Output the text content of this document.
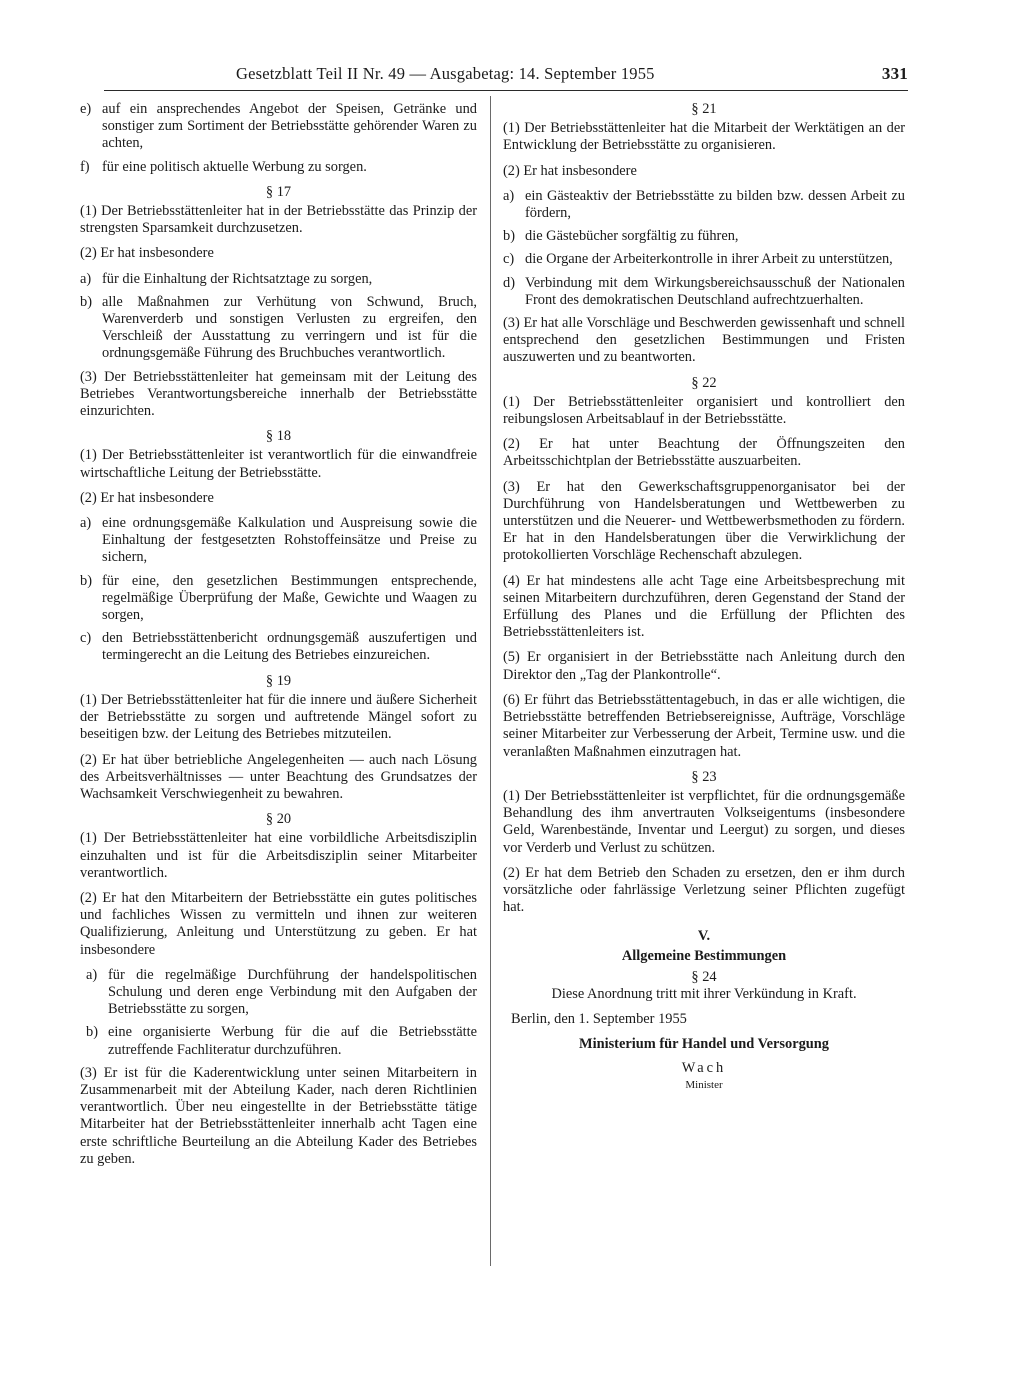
Gesetzblatt Teil II Nr. 49 — Ausgabetag: 14. September 1955	331
e) auf ein ansprechendes Angebot der Speisen, Getränke und sonstiger zum Sortiment der Betriebsstätte gehörender Waren zu achten,
f) für eine politisch aktuelle Werbung zu sorgen.
§ 17

(1) Der Betriebsstättenleiter hat in der Betriebsstätte das Prinzip der strengsten Sparsamkeit durchzusetzen.

(2) Er hat insbesondere

a) für die Einhaltung der Richtsatztage zu sorgen,
b) alle Maßnahmen zur Verhütung von Schwund, Bruch, Warenverderb und sonstigen Verlusten zu ergreifen, den Verschleiß der Ausstattung zu verringern und ist für die ordnungsgemäße Führung des Bruchbuches verantwortlich.

(3) Der Betriebsstättenleiter hat gemeinsam mit der Leitung des Betriebes Verantwortungsbereiche innerhalb der Betriebsstätte einzurichten.

§ 18

(1) Der Betriebsstättenleiter ist verantwortlich für die einwandfreie wirtschaftliche Leitung der Betriebsstätte.

(2) Er hat insbesondere

a) eine ordnungsgemäße Kalkulation und Auspreisung sowie die Einhaltung der festgesetzten Rohstoffeinsätze und Preise zu sichern,
b) für eine, den gesetzlichen Bestimmungen entsprechende, regelmäßige Überprüfung der Maße, Gewichte und Waagen zu sorgen,
c) den Betriebsstättenbericht ordnungsgemäß auszufertigen und termingerecht an die Leitung des Betriebes einzureichen.
§ 19

(1) Der Betriebsstättenleiter hat für die innere und äußere Sicherheit der Betriebsstätte zu sorgen und auftretende Mängel sofort zu beseitigen bzw. der Leitung des Betriebes mitzuteilen.

(2) Er hat über betriebliche Angelegenheiten — auch nach Lösung des Arbeitsverhältnisses — unter Beachtung des Grundsatzes der Wachsamkeit Verschwiegenheit zu bewahren.

§ 20

(1) Der Betriebsstättenleiter hat eine vorbildliche Arbeitsdisziplin einzuhalten und ist für die Arbeitsdisziplin seiner Mitarbeiter verantwortlich.

(2) Er hat den Mitarbeitern der Betriebsstätte ein gutes politisches und fachliches Wissen zu vermitteln und ihnen zur weiteren Qualifizierung, Anleitung und Unterstützung zu geben. Er hat insbesondere

a) für die regelmäßige Durchführung der handelspolitischen Schulung und deren enge Verbindung mit den Aufgaben der Betriebsstätte zu sorgen,
b) eine organisierte Werbung für die auf die Betriebsstätte zutreffende Fachliteratur durchzuführen.

(3) Er ist für die Kaderentwicklung unter seinen Mitarbeitern in Zusammenarbeit mit der Abteilung Kader, nach deren Richtlinien verantwortlich. Über neu eingestellte in der Betriebsstätte tätige Mitarbeiter hat der Betriebsstättenleiter innerhalb acht Tagen eine erste schriftliche Beurteilung an die Abteilung Kader des Betriebes zu geben.

§ 21

(1) Der Betriebsstättenleiter hat die Mitarbeit der Werktätigen an der Entwicklung der Betriebsstätte zu organisieren.

(2) Er hat insbesondere

a) ein Gästeaktiv der Betriebsstätte zu bilden bzw. dessen Arbeit zu fördern,
b) die Gästebücher sorgfältig zu führen,
c) die Organe der Arbeiterkontrolle in ihrer Arbeit zu unterstützen,
d) Verbindung mit dem Wirkungsbereichsausschuß der Nationalen Front des demokratischen Deutschland aufrechtzuerhalten.

(3) Er hat alle Vorschläge und Beschwerden gewissenhaft und schnell entsprechend den gesetzlichen Bestimmungen und Fristen auszuwerten und zu beantworten.

§ 22

(1) Der Betriebsstättenleiter organisiert und kontrolliert den reibungslosen Arbeitsablauf in der Betriebsstätte.

(2) Er hat unter Beachtung der Öffnungszeiten den Arbeitsschichtplan der Betriebsstätte auszuarbeiten.

(3) Er hat den Gewerkschaftsgruppenorganisator bei der Durchführung von Handelsberatungen und Wettbewerben zu unterstützen und die Neuerer- und Wettbewerbsmethoden zu fördern. Er hat in den Handelsberatungen über die Verwirklichung der protokollierten Vorschläge Rechenschaft abzulegen.

(4) Er hat mindestens alle acht Tage eine Arbeitsbesprechung mit seinen Mitarbeitern durchzuführen, deren Gegenstand der Stand der Erfüllung des Planes und die Erfüllung der Pflichten des Betriebsstättenleiters ist.

(5) Er organisiert in der Betriebsstätte nach Anleitung durch den Direktor den „Tag der Plankontrolle“.

(6) Er führt das Betriebsstättentagebuch, in das er alle wichtigen, die Betriebsstätte betreffenden Betriebsereignisse, Aufträge, Vorschläge seiner Mitarbeiter zur Verbesserung der Arbeit, Termine usw. und die veranlaßten Maßnahmen einzutragen hat.

§ 23

(1) Der Betriebsstättenleiter ist verpflichtet, für die ordnungsgemäße Behandlung des ihm anvertrauten Volkseigentums (insbesondere Geld, Warenbestände, Inventar und Leergut) zu sorgen, und dieses vor Verderb und Verlust zu schützen.

(2) Er hat dem Betrieb den Schaden zu ersetzen, den er ihm durch vorsätzliche oder fahrlässige Verletzung seiner Pflichten zugefügt hat.

V.
Allgemeine Bestimmungen
§ 24

Diese Anordnung tritt mit ihrer Verkündung in Kraft.

Berlin, den 1. September 1955

Ministerium für Handel und Versorgung
Wach
Minister
